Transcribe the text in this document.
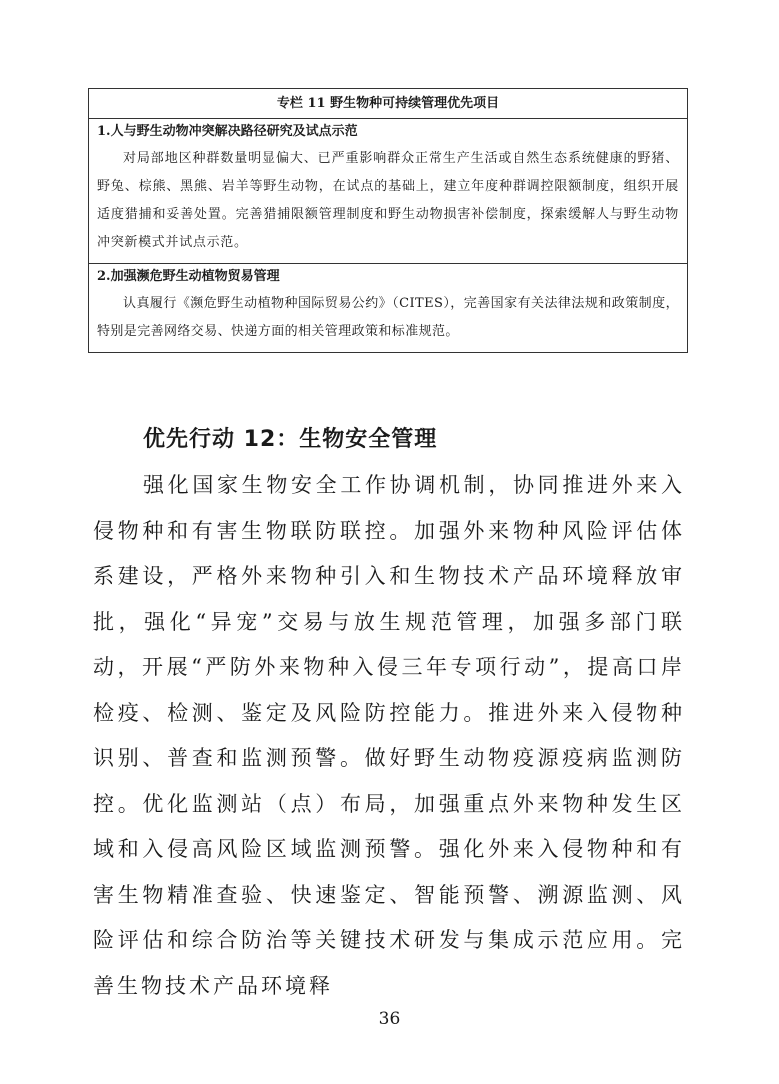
专栏 11 野生物种可持续管理优先项目
1.人与野生动物冲突解决路径研究及试点示范
对局部地区种群数量明显偏大、已严重影响群众正常生产生活或自然生态系统健康的野猪、野兔、棕熊、黑熊、岩羊等野生动物，在试点的基础上，建立年度种群调控限额制度，组织开展适度猎捕和妥善处置。完善猎捕限额管理制度和野生动物损害补偿制度，探索缓解人与野生动物冲突新模式并试点示范。
2.加强濒危野生动植物贸易管理
认真履行《濒危野生动植物种国际贸易公约》（CITES），完善国家有关法律法规和政策制度，特别是完善网络交易、快递方面的相关管理政策和标准规范。
优先行动 12：生物安全管理
强化国家生物安全工作协调机制，协同推进外来入侵物种和有害生物联防联控。加强外来物种风险评估体系建设，严格外来物种引入和生物技术产品环境释放审批，强化“异宠”交易与放生规范管理，加强多部门联动，开展“严防外来物种入侵三年专项行动”，提高口岸检疫、检测、鉴定及风险防控能力。推进外来入侵物种识别、普查和监测预警。做好野生动物疫源疫病监测防控。优化监测站（点）布局，加强重点外来物种发生区域和入侵高风险区域监测预警。强化外来入侵物种和有害生物精准查验、快速鉴定、智能预警、溯源监测、风险评估和综合防治等关键技术研发与集成示范应用。完善生物技术产品环境释
36
